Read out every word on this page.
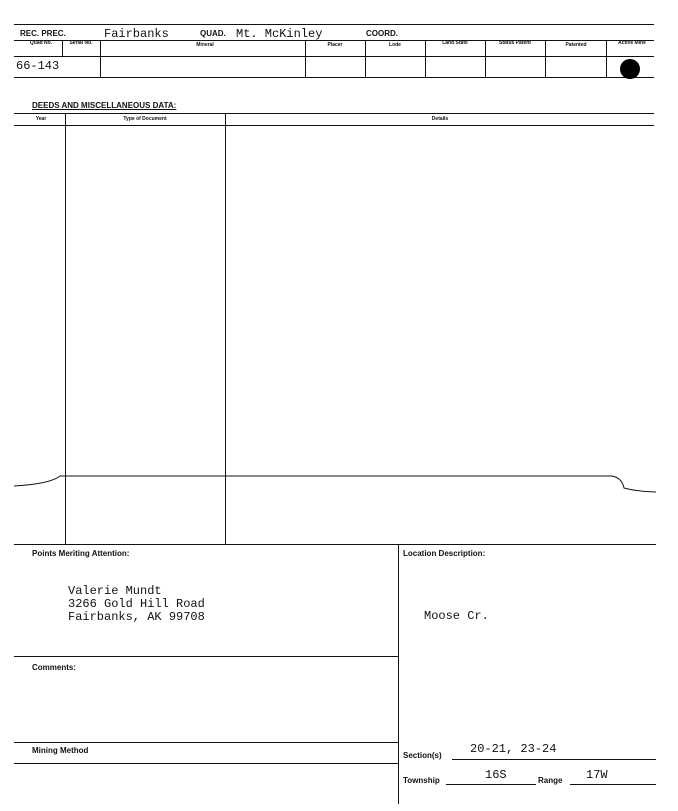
REC. PREC.	Fairbanks	QUAD. Mt. McKinley	COORD.
Quad No.	Serial No.	Mineral	Placer	Lode	Land State	Status Patent	Patented	Active Mine
66-143
DEEDS AND MISCELLANEOUS DATA:
Year	Type of Document	Details
Points Meriting Attention:
Valerie Mundt
3266 Gold Hill Road
Fairbanks, AK 99708
Comments:
Mining Method
Location Description:
Moose Cr.
Section(s) 20-21, 23-24
Township	16S	Range 17W
